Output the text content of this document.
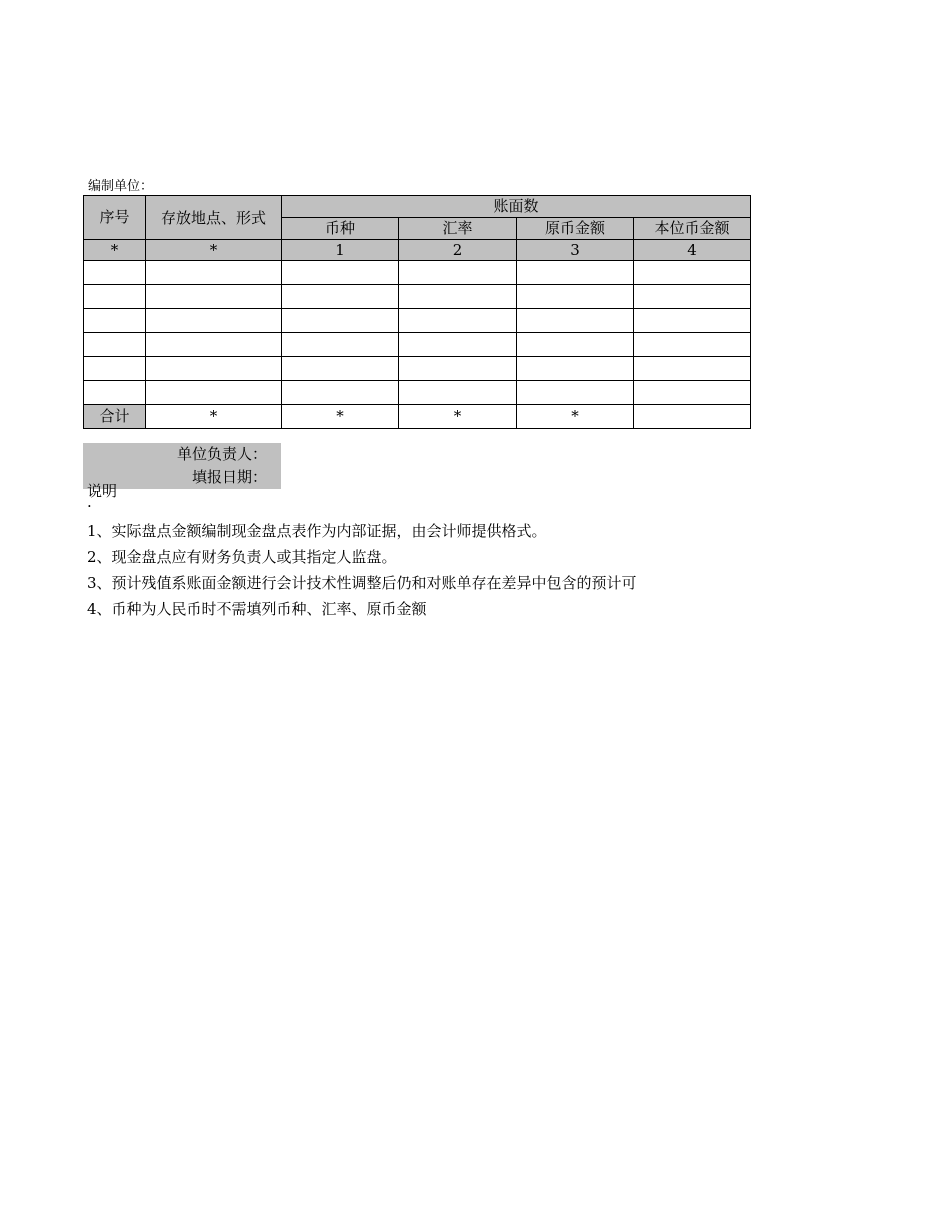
编制单位：
序号	存放地点、形式	账面数			
		币种	汇率	原币金额	本位币金额
*	*	1	2	3	4

合计	*	*	*	*	
单位负责人：
填报日期：
说明
·
1、实际盘点金额编制现金盘点表作为内部证据，由会计师提供格式。
2、现金盘点应有财务负责人或其指定人监盘。
3、预计残值系账面金额进行会计技术性调整后仍和对账单存在差异中包含的预计可
4、币种为人民币时不需填列币种、汇率、原币金额
